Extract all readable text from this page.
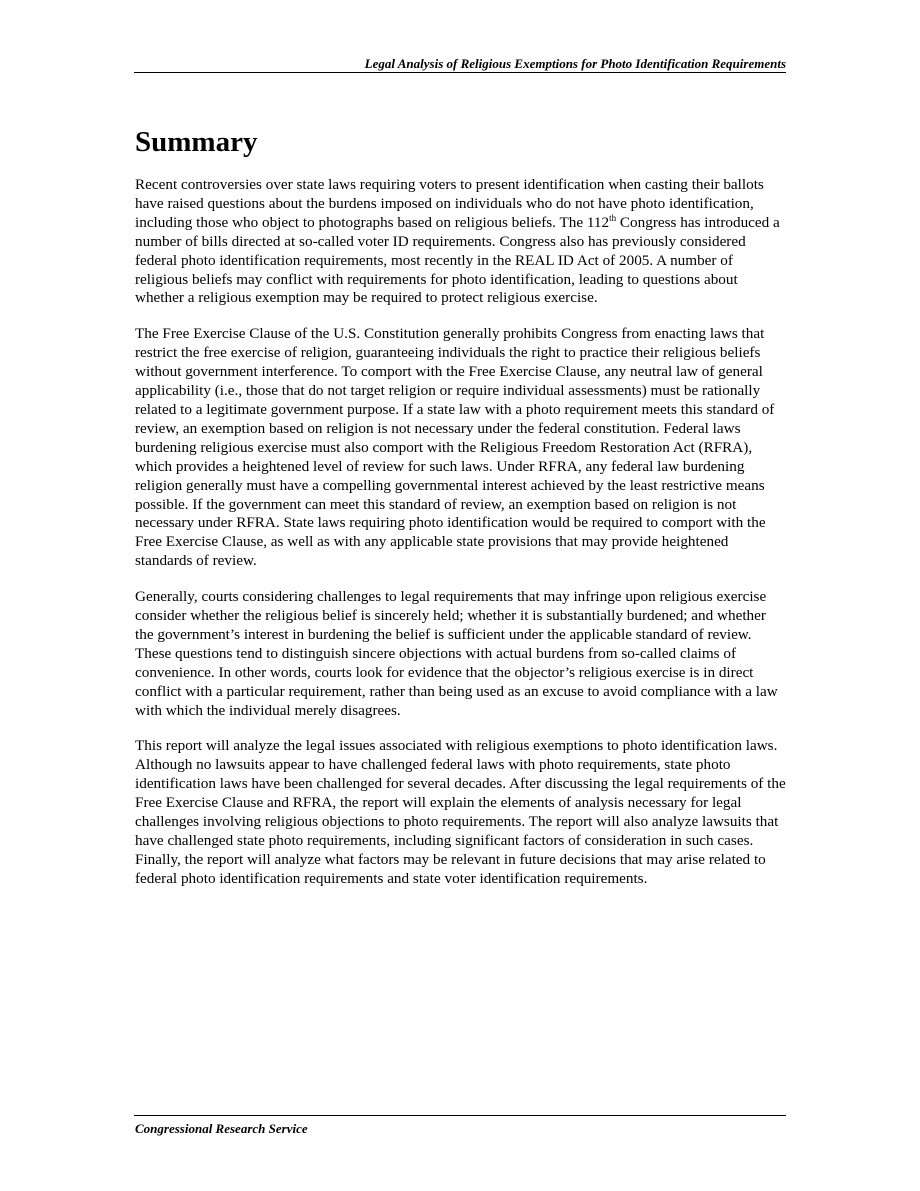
Legal Analysis of Religious Exemptions for Photo Identification Requirements
Summary

Recent controversies over state laws requiring voters to present identification when casting their ballots have raised questions about the burdens imposed on individuals who do not have photo identification, including those who object to photographs based on religious beliefs. The 112th Congress has introduced a number of bills directed at so-called voter ID requirements. Congress also has previously considered federal photo identification requirements, most recently in the REAL ID Act of 2005. A number of religious beliefs may conflict with requirements for photo identification, leading to questions about whether a religious exemption may be required to protect religious exercise.

The Free Exercise Clause of the U.S. Constitution generally prohibits Congress from enacting laws that restrict the free exercise of religion, guaranteeing individuals the right to practice their religious beliefs without government interference. To comport with the Free Exercise Clause, any neutral law of general applicability (i.e., those that do not target religion or require individual assessments) must be rationally related to a legitimate government purpose. If a state law with a photo requirement meets this standard of review, an exemption based on religion is not necessary under the federal constitution. Federal laws burdening religious exercise must also comport with the Religious Freedom Restoration Act (RFRA), which provides a heightened level of review for such laws. Under RFRA, any federal law burdening religion generally must have a compelling governmental interest achieved by the least restrictive means possible. If the government can meet this standard of review, an exemption based on religion is not necessary under RFRA. State laws requiring photo identification would be required to comport with the Free Exercise Clause, as well as with any applicable state provisions that may provide heightened standards of review.

Generally, courts considering challenges to legal requirements that may infringe upon religious exercise consider whether the religious belief is sincerely held; whether it is substantially burdened; and whether the government’s interest in burdening the belief is sufficient under the applicable standard of review. These questions tend to distinguish sincere objections with actual burdens from so-called claims of convenience. In other words, courts look for evidence that the objector’s religious exercise is in direct conflict with a particular requirement, rather than being used as an excuse to avoid compliance with a law with which the individual merely disagrees.

This report will analyze the legal issues associated with religious exemptions to photo identification laws. Although no lawsuits appear to have challenged federal laws with photo requirements, state photo identification laws have been challenged for several decades. After discussing the legal requirements of the Free Exercise Clause and RFRA, the report will explain the elements of analysis necessary for legal challenges involving religious objections to photo requirements. The report will also analyze lawsuits that have challenged state photo requirements, including significant factors of consideration in such cases. Finally, the report will analyze what factors may be relevant in future decisions that may arise related to federal photo identification requirements and state voter identification requirements.

Congressional Research Service
